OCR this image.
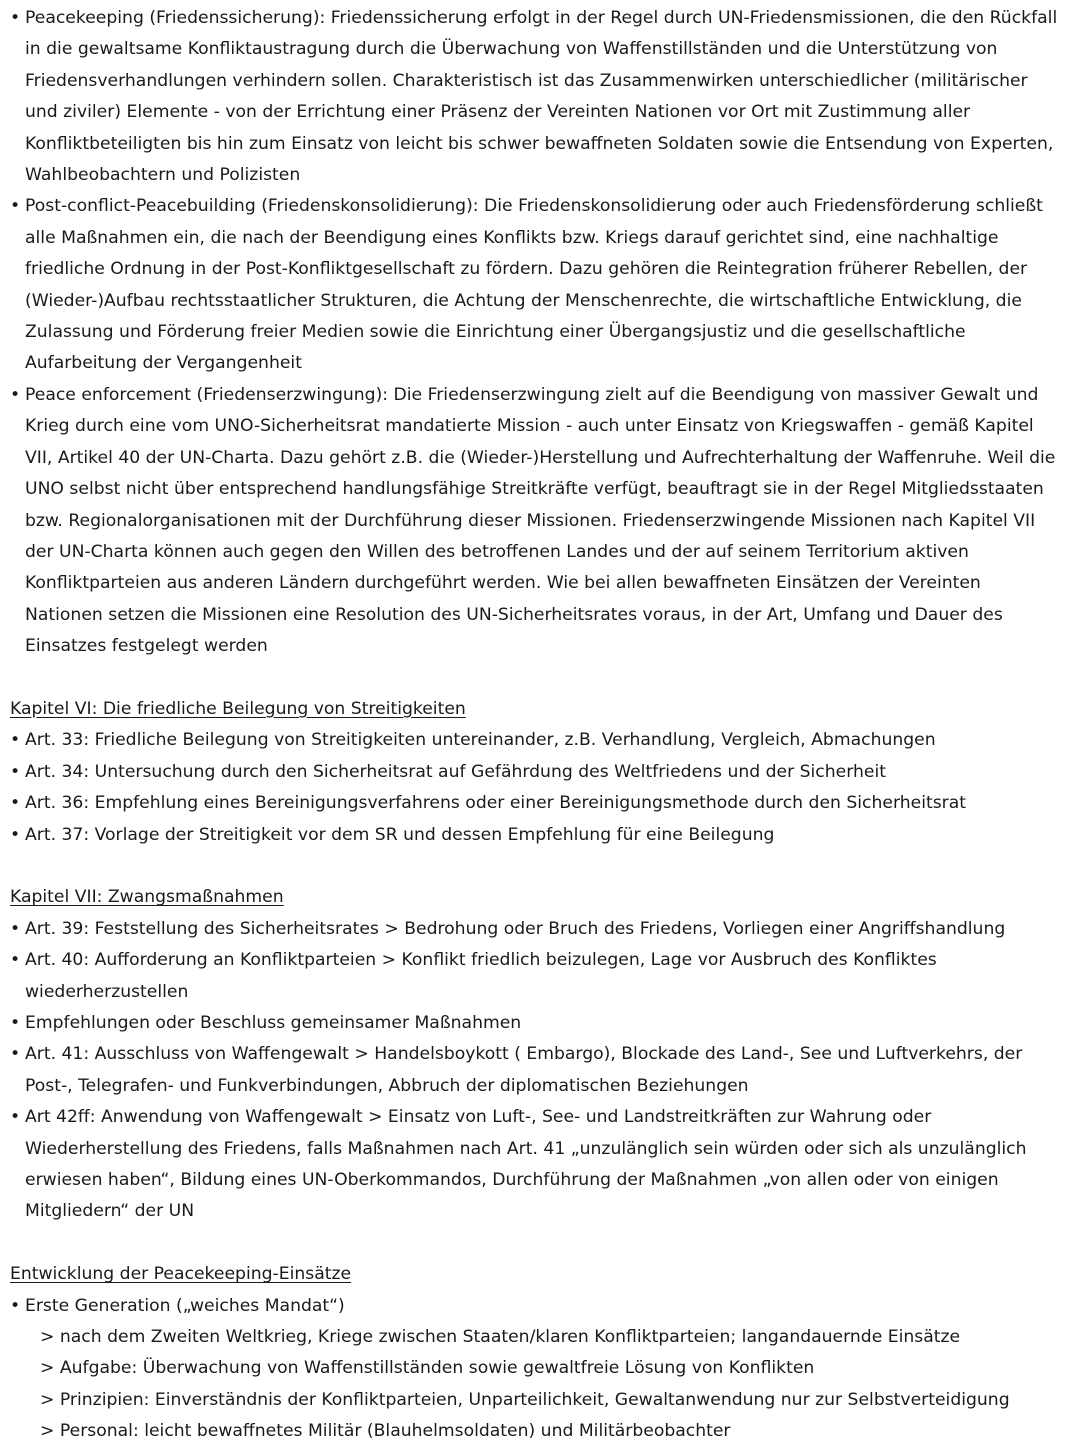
• Peacekeeping (Friedenssicherung): Friedenssicherung erfolgt in der Regel durch UN-Friedensmissionen, die den Rückfall in die gewaltsame Konfliktaustragung durch die Überwachung von Waffenstillständen und die Unterstützung von Friedensverhandlungen verhindern sollen. Charakteristisch ist das Zusammenwirken unterschiedlicher (militärischer und ziviler) Elemente - von der Errichtung einer Präsenz der Vereinten Nationen vor Ort mit Zustimmung aller Konfliktbeteiligten bis hin zum Einsatz von leicht bis schwer bewaffneten Soldaten sowie die Entsendung von Experten, Wahlbeobachtern und Polizisten
• Post-conflict-Peacebuilding (Friedenskonsolidierung): Die Friedenskonsolidierung oder auch Friedensförderung schließt alle Maßnahmen ein, die nach der Beendigung eines Konflikts bzw. Kriegs darauf gerichtet sind, eine nachhaltige friedliche Ordnung in der Post-Konfliktgesellschaft zu fördern. Dazu gehören die Reintegration früherer Rebellen, der (Wieder-)Aufbau rechtsstaatlicher Strukturen, die Achtung der Menschenrechte, die wirtschaftliche Entwicklung, die Zulassung und Förderung freier Medien sowie die Einrichtung einer Übergangsjustiz und die gesellschaftliche Aufarbeitung der Vergangenheit
• Peace enforcement (Friedenserzwingung): Die Friedenserzwingung zielt auf die Beendigung von massiver Gewalt und Krieg durch eine vom UNO-Sicherheitsrat mandatierte Mission - auch unter Einsatz von Kriegswaffen - gemäß Kapitel VII, Artikel 40 der UN-Charta. Dazu gehört z.B. die (Wieder-)Herstellung und Aufrechterhaltung der Waffenruhe. Weil die UNO selbst nicht über entsprechend handlungsfähige Streitkräfte verfügt, beauftragt sie in der Regel Mitgliedsstaaten bzw. Regionalorganisationen mit der Durchführung dieser Missionen. Friedenserzwingende Missionen nach Kapitel VII der UN-Charta können auch gegen den Willen des betroffenen Landes und der auf seinem Territorium aktiven Konfliktparteien aus anderen Ländern durchgeführt werden. Wie bei allen bewaffneten Einsätzen der Vereinten Nationen setzen die Missionen eine Resolution des UN-Sicherheitsrates voraus, in der Art, Umfang und Dauer des Einsatzes festgelegt werden
Kapitel VI: Die friedliche Beilegung von Streitigkeiten
• Art. 33: Friedliche Beilegung von Streitigkeiten untereinander, z.B. Verhandlung, Vergleich, Abmachungen
• Art. 34: Untersuchung durch den Sicherheitsrat auf Gefährdung des Weltfriedens und der Sicherheit
• Art. 36: Empfehlung eines Bereinigungsverfahrens oder einer Bereinigungsmethode durch den Sicherheitsrat
• Art. 37: Vorlage der Streitigkeit vor dem SR und dessen Empfehlung für eine Beilegung
Kapitel VII: Zwangsmaßnahmen
• Art. 39: Feststellung des Sicherheitsrates > Bedrohung oder Bruch des Friedens, Vorliegen einer Angriffshandlung
• Art. 40: Aufforderung an Konfliktparteien > Konflikt friedlich beizulegen, Lage vor Ausbruch des Konfliktes wiederherzustellen
• Empfehlungen oder Beschluss gemeinsamer Maßnahmen
• Art. 41: Ausschluss von Waffengewalt > Handelsboykott ( Embargo), Blockade des Land-, See und Luftverkehrs, der Post-, Telegrafen- und Funkverbindungen, Abbruch der diplomatischen Beziehungen
• Art 42ff: Anwendung von Waffengewalt > Einsatz von Luft-, See- und Landstreitkräften zur Wahrung oder Wiederherstellung des Friedens, falls Maßnahmen nach Art. 41 „unzulänglich sein würden oder sich als unzulänglich erwiesen haben“, Bildung eines UN-Oberkommandos, Durchführung der Maßnahmen „von allen oder von einigen Mitgliedern“ der UN
Entwicklung der Peacekeeping-Einsätze
• Erste Generation („weiches Mandat“)
> nach dem Zweiten Weltkrieg, Kriege zwischen Staaten/klaren Konfliktparteien; langandauernde Einsätze
> Aufgabe: Überwachung von Waffenstillständen sowie gewaltfreie Lösung von Konflikten
> Prinzipien: Einverständnis der Konfliktparteien, Unparteilichkeit, Gewaltanwendung nur zur Selbstverteidigung
> Personal: leicht bewaffnetes Militär (Blauhelmsoldaten) und Militärbeobachter
